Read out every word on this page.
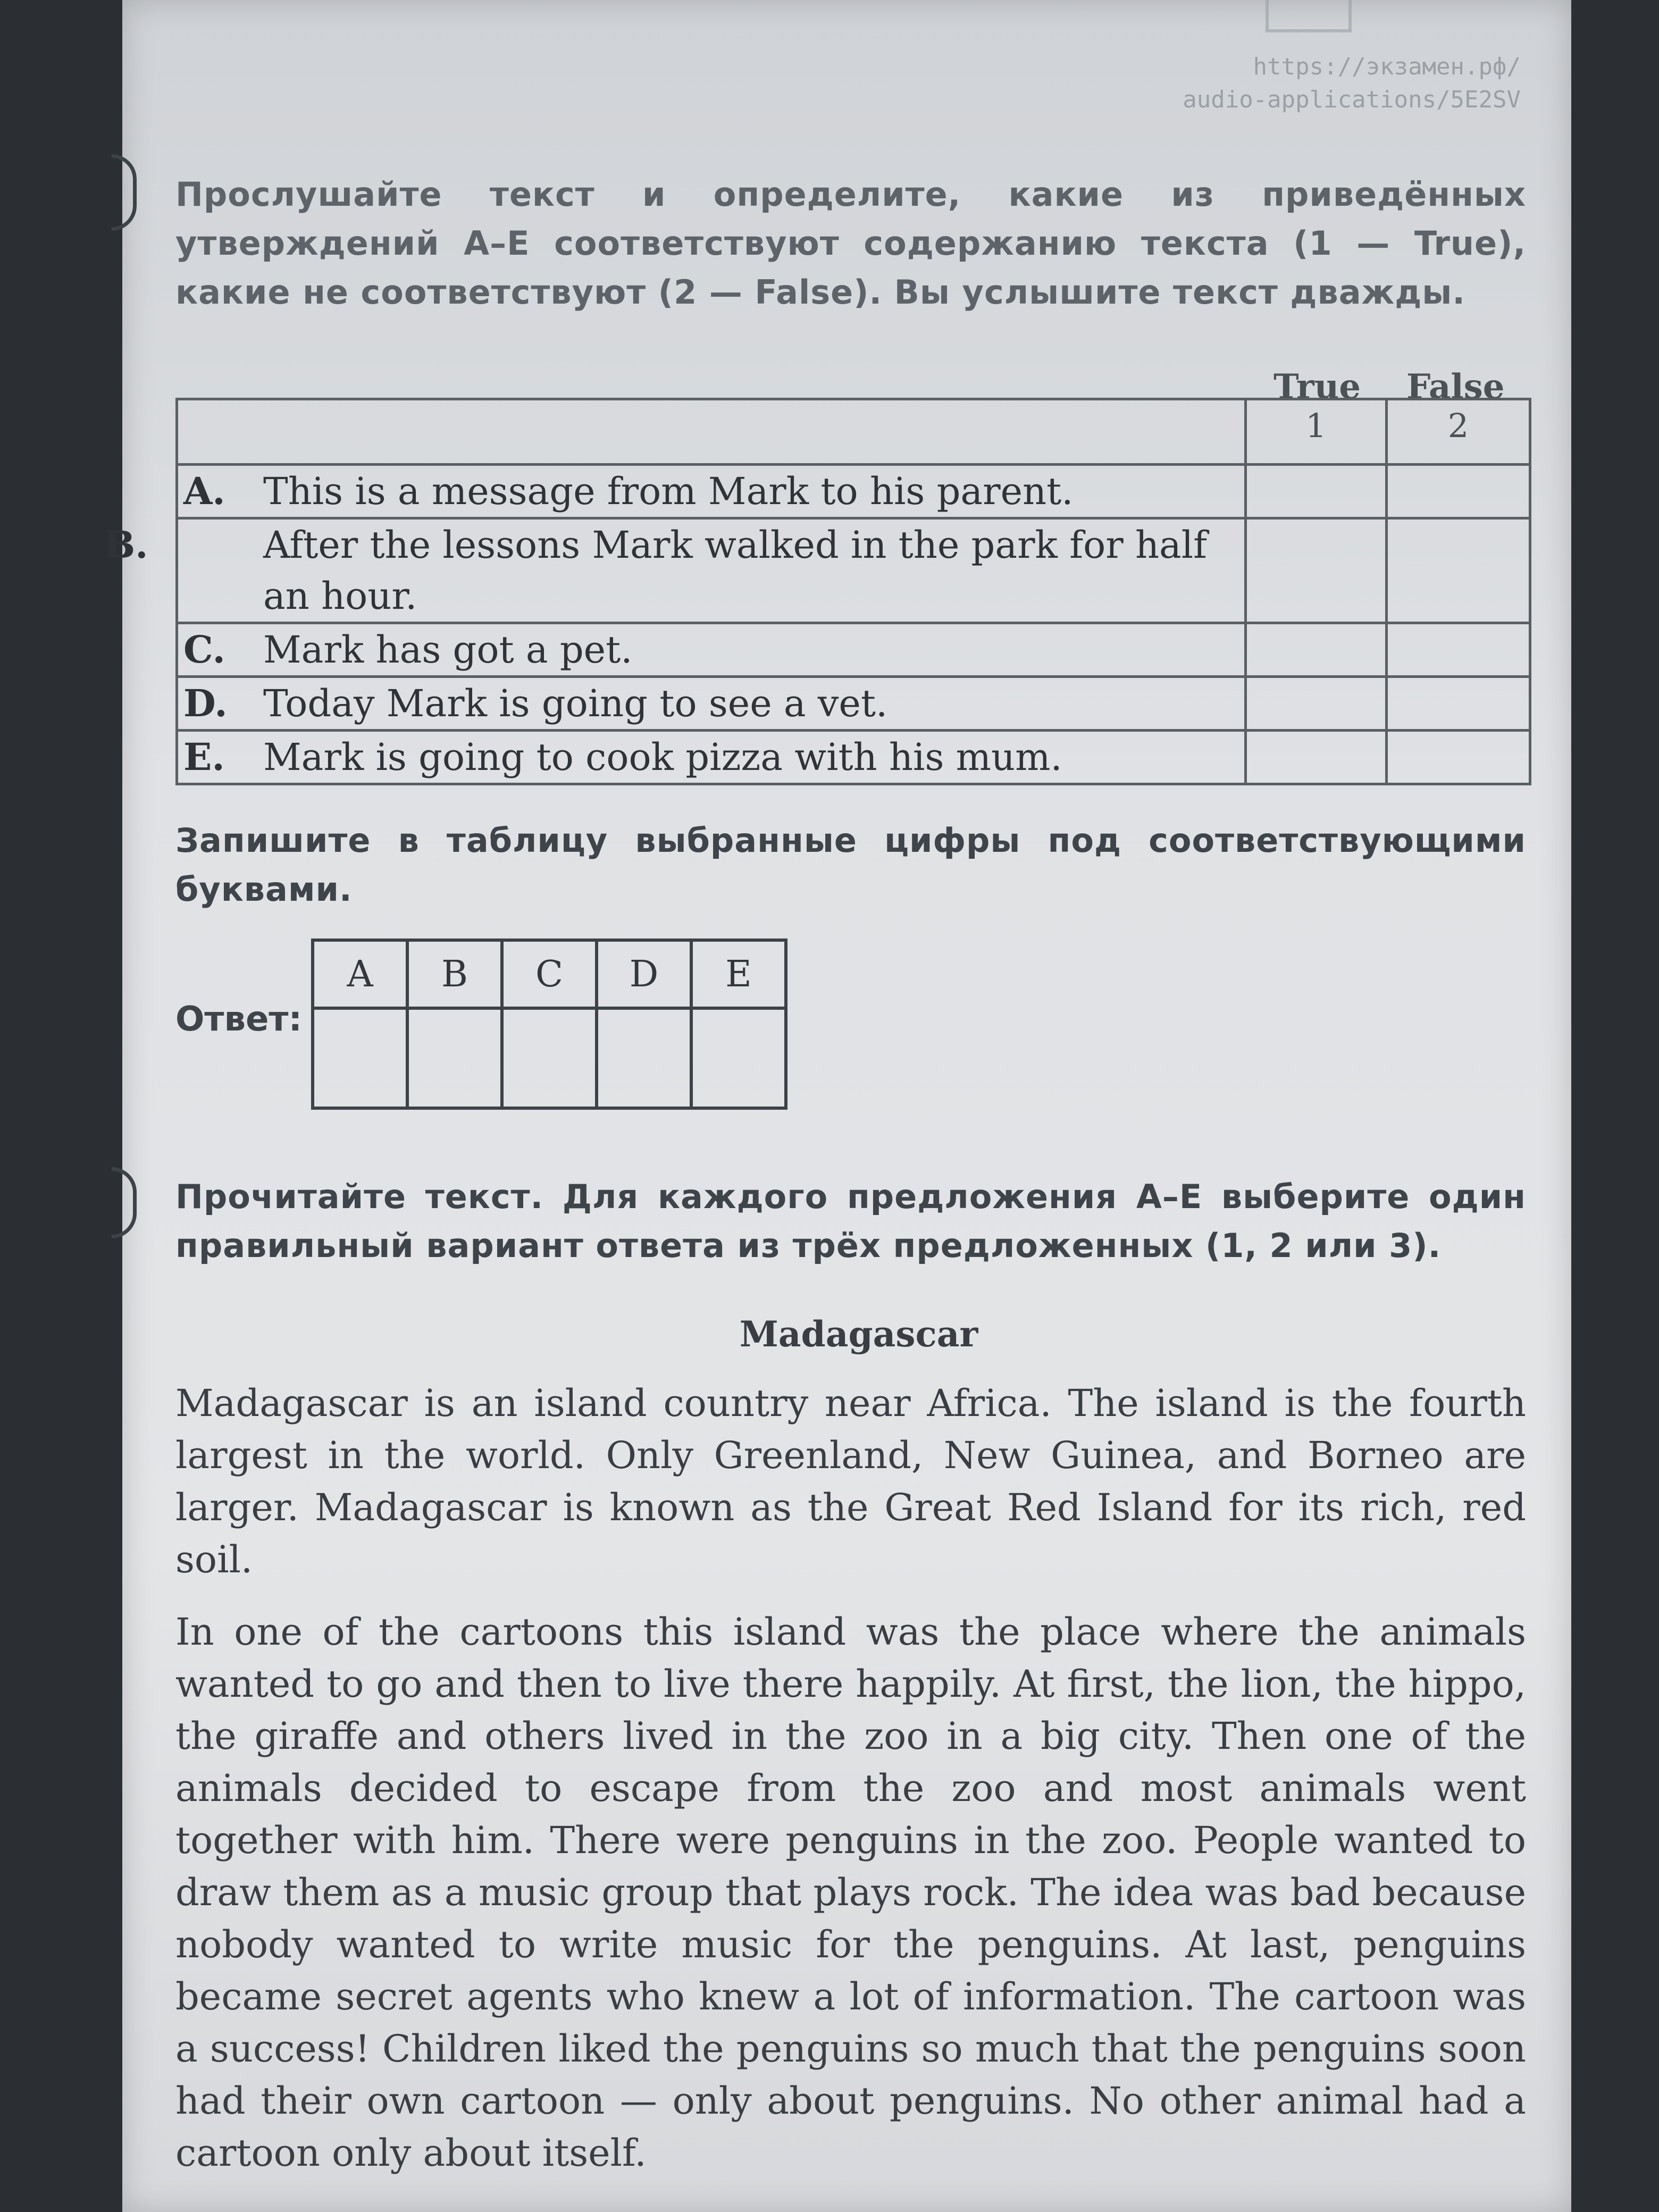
https://экзамен.рф/
audio-applications/5E2SV
Прослушайте текст и определите, какие из приведённых утверждений A–E соответствуют содержанию текста (1 — True), какие не соответствуют (2 — False). Вы услышите текст дважды.
True False
	1	2
A. This is a message from Mark to his parent.		
B. After the lessons Mark walked in the park for half an hour.		
C. Mark has got a pet.		
D. Today Mark is going to see a vet.		
E. Mark is going to cook pizza with his mum.		
Запишите в таблицу выбранные цифры под соответствующими буквами.
Ответ:
A	B	C	D	E

Прочитайте текст. Для каждого предложения A–E выберите один правильный вариант ответа из трёх предложенных (1, 2 или 3).
Madagascar

Madagascar is an island country near Africa. The island is the fourth largest in the world. Only Greenland, New Guinea, and Borneo are larger. Madagascar is known as the Great Red Island for its rich, red soil.

In one of the cartoons this island was the place where the animals wanted to go and then to live there happily. At first, the lion, the hippo, the giraffe and others lived in the zoo in a big city. Then one of the animals decided to escape from the zoo and most animals went together with him. There were penguins in the zoo. People wanted to draw them as a music group that plays rock. The idea was bad because nobody wanted to write music for the penguins. At last, penguins became secret agents who knew a lot of information. The cartoon was a success! Children liked the penguins so much that the penguins soon had their own cartoon — only about penguins. No other animal had a cartoon only about itself.
